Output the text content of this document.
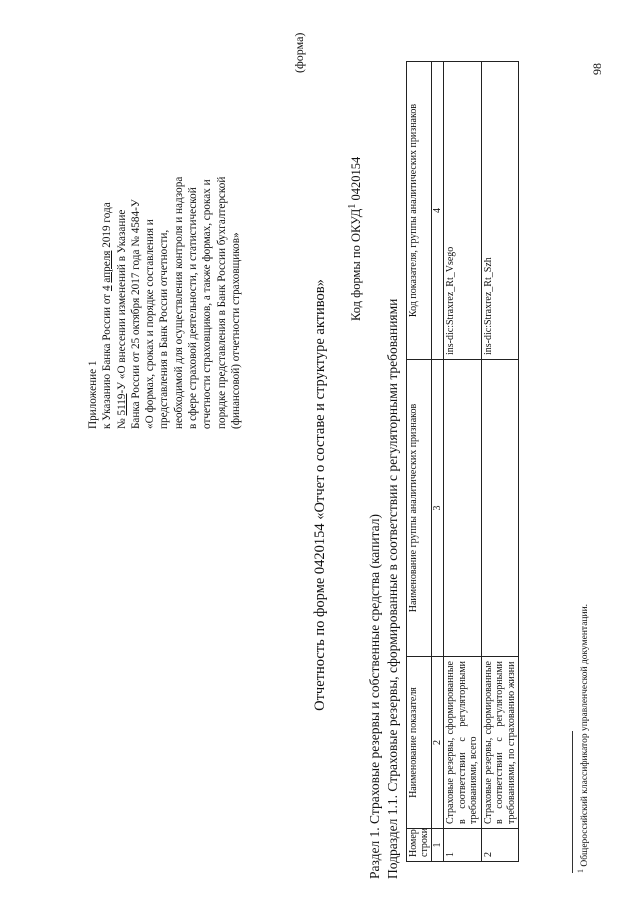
Приложение 1 к Указанию Банка России от 4 апреля 2019 года
№ 5119-У «О внесении изменений в Указание Банка России от 25 октября 2017 года № 4584-У «О формах, сроках и порядке составления и представления в Банк России отчетности, необходимой для осуществления контроля и надзора в сфере страховой деятельности, и статистической отчетности страховщиков, а также формах, сроках и порядке представления в Банк России бухгалтерской (финансовой) отчетности страховщиков»
(форма)
Отчетность по форме 0420154 «Отчет о составе и структуре активов»
Код формы по ОКУД$^1$ 0420154
Раздел 1. Страховые резервы и собственные средства (капитал) Подраздел 1.1. Страховые резервы, сформированные в соответствии с регуляторными требованиями Номер строки	Наименование показателя	Наименование группы аналитических признаков	Код показателя, группы аналитических признаков
1	2	3	4
1	Страховые резервы, сформированные в соответствии с регуляторными требованиями, всего		ins-dic:Straxrez_Rt_Vsego
2	Страховые резервы, сформированные в соответствии с регуляторными требованиями, по страхованию жизни		ins-dic:Straxrez_Rt_Szh
$^1$ Общероссийский классификатор управленческой документации.
98
